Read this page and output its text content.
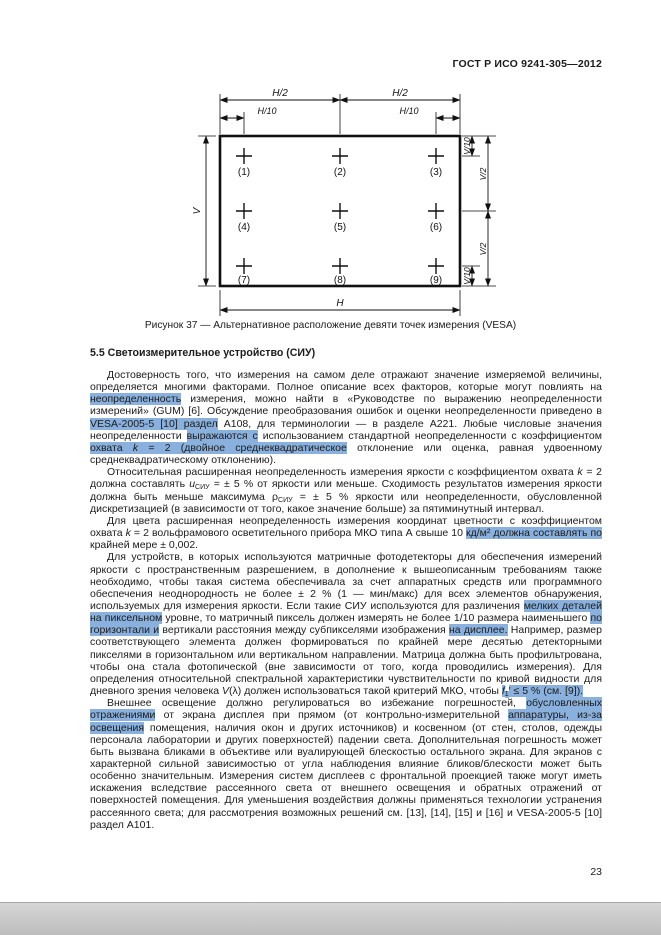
ГОСТ Р ИСО 9241-305—2012
H/2	H/2
H/10	H/10
V/10
V/2
V/10
V/2
V
H
(1)	(2)	(3)
(4)	(5)	(6)
(7)	(8)	(9)
Рисунок 37 — Альтернативное расположение девяти точек измерения (VESA)
5.5 Светоизмерительное устройство (СИУ)

Достоверность того, что измерения на самом деле отражают значение измеряемой величины, определяется многими факторами. Полное описание всех факторов, которые могут повлиять на неопределенность измерения, можно найти в «Руководстве по выражению неопределенности измерений» (GUM) [6]. Обсуждение преобразования ошибок и оценки неопределенности приведено в VESA-2005-5 [10] раздел А108, для терминологии — в разделе А221. Любые числовые значения неопределенности выражаются с использованием стандартной неопределенности с коэффициентом охвата k = 2 (двойное среднеквадратическое отклонение или оценка, равная удвоенному среднеквадратическому отклонению).

Относительная расширенная неопределенность измерения яркости с коэффициентом охвата k = 2 должна составлять $u_{СИУ}$ = ± 5 % от яркости или меньше. Сходимость результатов измерения яркости должна быть меньше максимума $\rho_{СИУ}$ = ± 5 % яркости или неопределенности, обусловленной дискретизацией (в зависимости от того, какое значение больше) за пятиминутный интервал.

Для цвета расширенная неопределенность измерения координат цветности с коэффициентом охвата k = 2 вольфрамового осветительного прибора МКО типа А свыше 10 кд/м² должна составлять по крайней мере ± 0,002.

Для устройств, в которых используются матричные фотодетекторы для обеспечения измерений яркости с пространственным разрешением, в дополнение к вышеописанным требованиям также необходимо, чтобы такая система обеспечивала за счет аппаратных средств или программного обеспечения неоднородность не более ± 2 % (1 — мин/макс) для всех элементов обнаружения, используемых для измерения яркости. Если такие СИУ используются для различения мелких деталей на пиксельном уровне, то матричный пиксель должен измерять не более 1/10 размера наименьшего по горизонтали и вертикали расстояния между субпикселями изображения на дисплее. Например, размер соответствующего элемента должен формироваться по крайней мере десятью детекторными пикселями в горизонтальном или вертикальном направлении. Матрица должна быть профильтрована, чтобы она стала фотопической (вне зависимости от того, когда проводились измерения). Для определения относительной спектральной характеристики чувствительности по кривой видности для дневного зрения человека V(λ) должен использоваться такой критерий МКО, чтобы $f_1' \le 5$ % (см. [9]).

Внешнее освещение должно регулироваться во избежание погрешностей, обусловленных отражениями от экрана дисплея при прямом (от контрольно-измерительной аппаратуры, из-за освещения помещения, наличия окон и других источников) и косвенном (от стен, столов, одежды персонала лаборатории и других поверхностей) падении света. Дополнительная погрешность может быть вызвана бликами в объективе или вуалирующей блескостью остального экрана. Для экранов с характерной сильной зависимостью от угла наблюдения влияние бликов/блескости может быть особенно значительным. Измерения систем дисплеев с фронтальной проекцией также могут иметь искажения вследствие рассеянного света от внешнего освещения и обратных отражений от поверхностей помещения. Для уменьшения воздействия должны применяться технологии устранения рассеянного света; для рассмотрения возможных решений см. [13], [14], [15] и [16] и VESA-2005-5 [10] раздел А101.

23
